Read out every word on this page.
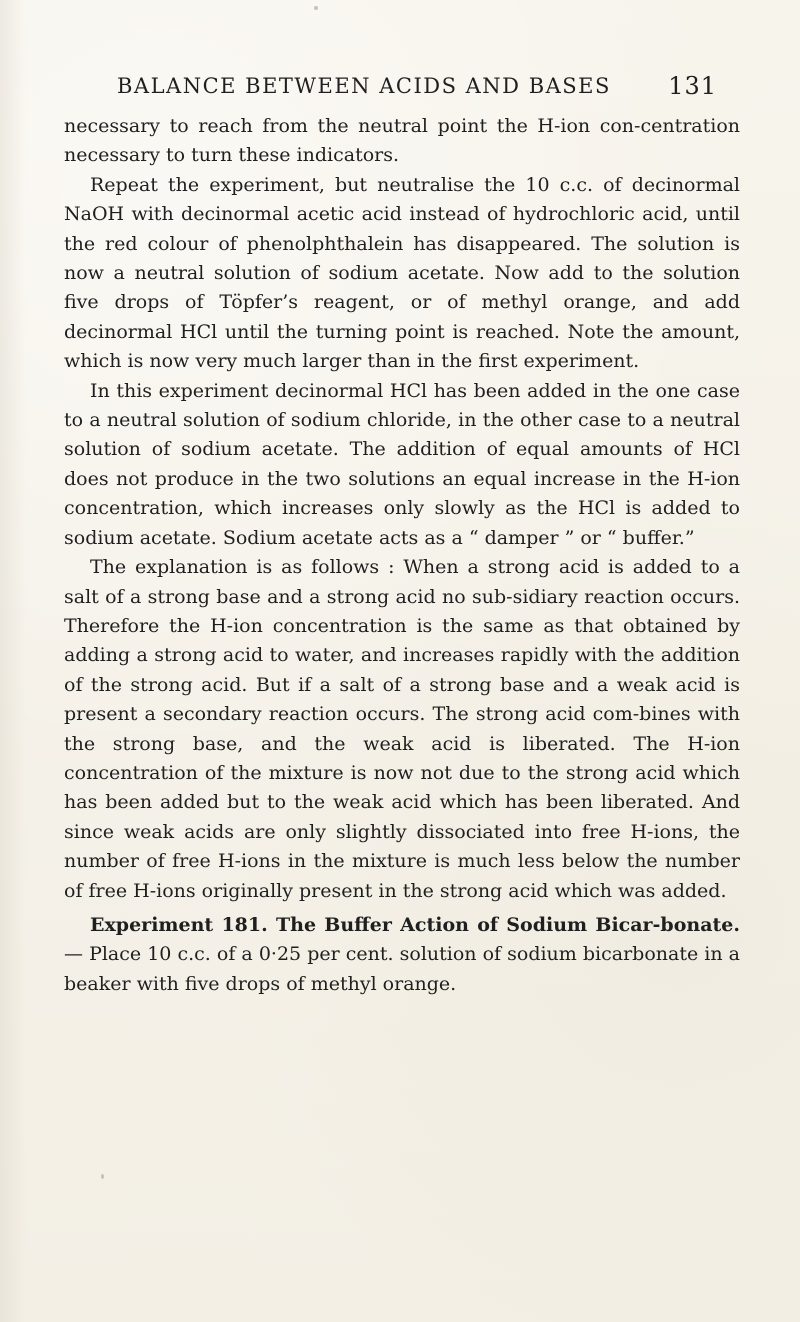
BALANCE BETWEEN ACIDS AND BASES 131

necessary to reach from the neutral point the H-ion con-centration necessary to turn these indicators.

Repeat the experiment, but neutralise the 10 c.c. of decinormal NaOH with decinormal acetic acid instead of hydrochloric acid, until the red colour of phenolphthalein has disappeared. The solution is now a neutral solution of sodium acetate. Now add to the solution five drops of Töpfer’s reagent, or of methyl orange, and add decinormal HCl until the turning point is reached. Note the amount, which is now very much larger than in the first experiment.

In this experiment decinormal HCl has been added in the one case to a neutral solution of sodium chloride, in the other case to a neutral solution of sodium acetate. The addition of equal amounts of HCl does not produce in the two solutions an equal increase in the H-ion concentration, which increases only slowly as the HCl is added to sodium acetate. Sodium acetate acts as a “ damper ” or “ buffer.”

The explanation is as follows : When a strong acid is added to a salt of a strong base and a strong acid no sub-sidiary reaction occurs. Therefore the H-ion concentration is the same as that obtained by adding a strong acid to water, and increases rapidly with the addition of the strong acid. But if a salt of a strong base and a weak acid is present a secondary reaction occurs. The strong acid com-bines with the strong base, and the weak acid is liberated. The H-ion concentration of the mixture is now not due to the strong acid which has been added but to the weak acid which has been liberated. And since weak acids are only slightly dissociated into free H-ions, the number of free H-ions in the mixture is much less below the number of free H-ions originally present in the strong acid which was added.

Experiment 181. The Buffer Action of Sodium Bicar-bonate.— Place 10 c.c. of a 0·25 per cent. solution of sodium bicarbonate in a beaker with five drops of methyl orange.
